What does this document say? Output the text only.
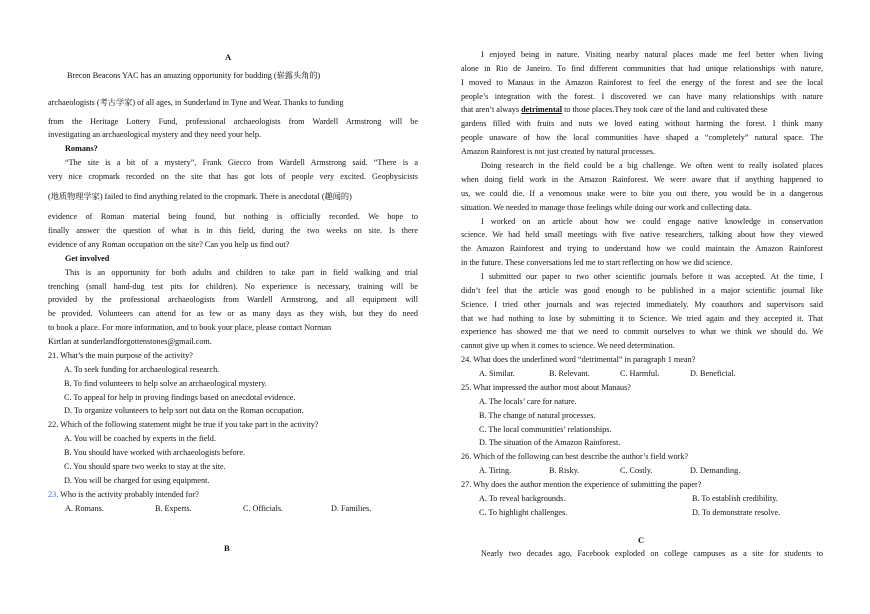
A
Brecon Beacons YAC has an amazing opportunity for budding (崭露头角的)
archaeologists (考古学家) of all ages, in Sunderland in Tyne and Wear. Thanks to funding
from the Heritage Lottery Fund, professional archaeologists from Wardell Armstrong will be
investigating an archaeological mystery and they need your help.
Romans?
“The site is a bit of a mystery”, Frank Giecco from Wardell Armstrong said. “There is a
very nice cropmark recorded on the site that has got lots of people very excited. Geophysicists
(地质物理学家) failed to find anything related to the cropmark. There is anecdotal (趣闻的)
evidence of Roman material being found, but nothing is officially recorded. We hope to
finally answer the question of what is in this field, during the two weeks on site. Is there
evidence of any Roman occupation on the site? Can you help us find out?
Get involved
This is an opportunity for both adults and children to take part in field walking and trial
trenching (small hand-dug test pits for children). No experience is necessary, training will be
provided by the professional archaeologists from Wardell Armstrong, and all equipment will
be provided. Volunteers can attend for as few or as many days as they wish, but they do need
to book a place. For more information, and to book your place, please contact Norman
Kirtlan at sunderlandforgottenstones@gmail.com.
21. What’s the main purpose of the activity?
A. To seek funding for archaeological research.
B. To find volunteers to help solve an archaeological mystery.
C. To appeal for help in proving findings based on anecdotal evidence.
D. To organize volunteers to help sort out data on the Roman occupation.
22. Which of the following statement might be true if you take part in the activity?
A. You will be coached by experts in the field.
B. You should have worked with archaeologists before.
C. You should spare two weeks to stay at the site.
D. You will be charged for using equipment.
23. Who is the activity probably intended for?
A. Romans.	B. Experts.	C. Officials.	D. Families.
B
I enjoyed being in nature. Visiting nearby natural places made me feel better when living
alone in Rio de Janeiro. To find different communities that had unique relationships with nature,
I moved to Manaus in the Amazon Rainforest to feel the energy of the forest and see the local
people’s integration with the forest. I discovered we can have many relationships with nature
that aren’t always detrimental to those places.They took care of the land and cultivated these
gardens filled with fruits and nuts we loved eating without harming the forest. I think many
people unaware of how the local communities have shaped a “completely” natural space. The
Amazon Rainforest is not just created by natural processes.
Doing research in the field could be a big challenge. We often went to really isolated places
when doing field work in the Amazon Rainforest. We were aware that if anything happened to
us, we could die. If a venomous snake were to bite you out there, you would be in a dangerous
situation. We needed to manage those feelings while doing our work and collecting data.
I worked on an article about how we could engage native knowledge in conservation
science. We had held small meetings with five native researchers, talking about how they viewed
the Amazon Rainforest and trying to understand how we could maintain the Amazon Rainforest
in the future. These conversations led me to start reflecting on how we did science.
I submitted our paper to two other scientific journals before it was accepted. At the time, I
didn’t feel that the article was good enough to be published in a major scientific journal like
Science. I tried other journals and was rejected immediately. My coauthors and supervisors said
that we had nothing to lose by submitting it to Science. We tried again and they accepted it. That
experience has showed me that we need to commit ourselves to what we think we should do. We
cannot give up when it comes to science. We need determination.
24. What does the underlined word “detrimental” in paragraph 1 mean?
A. Similar.	B. Relevant.	C. Harmful.	D. Beneficial.
25. What impressed the author most about Manaus?
A. The locals’ care for nature.
B. The change of natural processes.
C. The local communities’ relationships.
D. The situation of the Amazon Rainforest.
26. Which of the following can best describe the author’s field work?
A. Tiring.	B. Risky.	C. Costly.	D. Demanding.
27. Why does the author mention the experience of submitting the paper?
A. To reveal backgrounds.	B. To establish credibility.
C. To highlight challenges.	D. To demonstrate resolve.
C
Nearly two decades ago, Facebook exploded on college campuses as a site for students to
